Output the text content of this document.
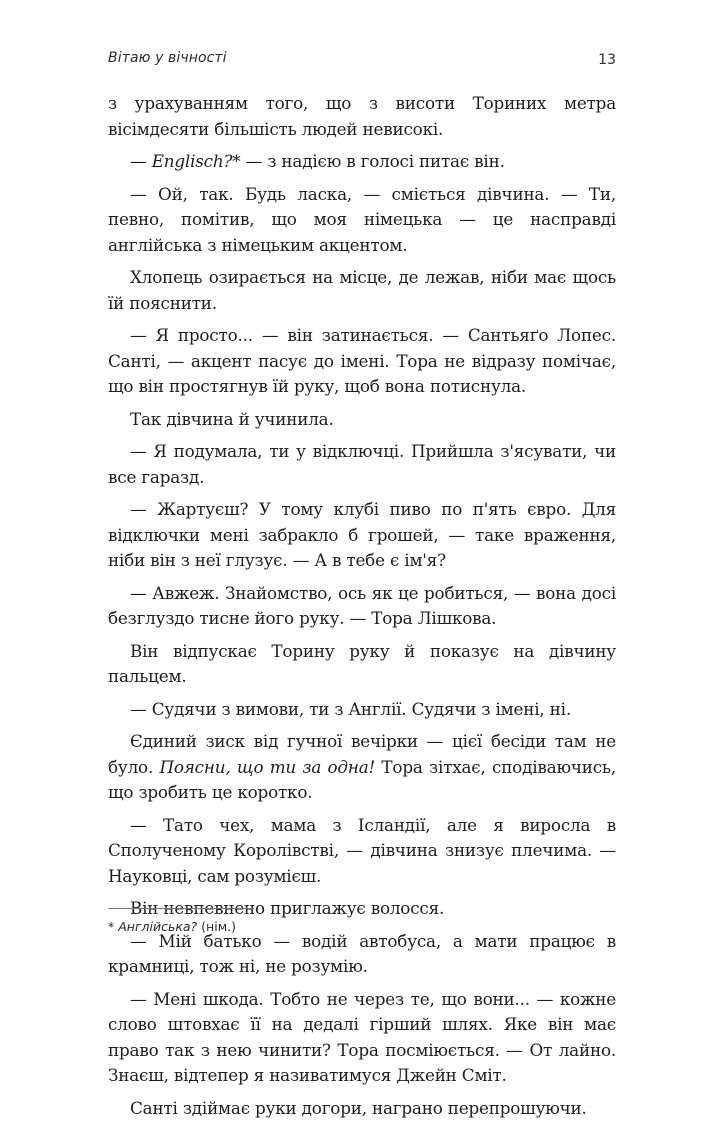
Вітаю у вічності	13

з урахуванням того, що з висоти Ториних метра вісімдесяти більшість людей невисокі.

— Englisch?* — з надією в голосі питає він.

— Ой, так. Будь ласка, — сміється дівчина. — Ти, певно, помітив, що моя німецька — це насправді англійська з німецьким акцентом.

Хлопець озирається на місце, де лежав, ніби має щось їй пояснити.

— Я просто... — він затинається. — Сантьяґо Лопес. Санті, — акцент пасує до імені. Тора не відразу помічає, що він простягнув їй руку, щоб вона потиснула.

Так дівчина й учинила.

— Я подумала, ти у відключці. Прийшла з'ясувати, чи все гаразд.

— Жартуєш? У тому клубі пиво по п'ять євро. Для відключки мені забракло б грошей, — таке враження, ніби він з неї глузує. — А в тебе є ім'я?

— Авжеж. Знайомство, ось як це робиться, — вона досі безглуздо тисне його руку. — Тора Лішкова.

Він відпускає Торину руку й показує на дівчину пальцем.

— Судячи з вимови, ти з Англії. Судячи з імені, ні.

Єдиний зиск від гучної вечірки — цієї бесіди там не було. Поясни, що ти за одна! Тора зітхає, сподіваючись, що зробить це коротко.

— Тато чех, мама з Ісландії, але я виросла в Сполученому Королівстві, — дівчина знизує плечима. — Науковці, сам розумієш.

Він невпевнено приглажує волосся.

— Мій батько — водій автобуса, а мати працює в крамниці, тож ні, не розумію.

— Мені шкода. Тобто не через те, що вони... — кожне слово штовхає її на дедалі гірший шлях. Яке він має право так з нею чинити? Тора посміюється. — От лайно. Знаєш, відтепер я називатимуся Джейн Сміт.

Санті здіймає руки догори, награно перепрошуючи.

* Англійська? (нім.)
